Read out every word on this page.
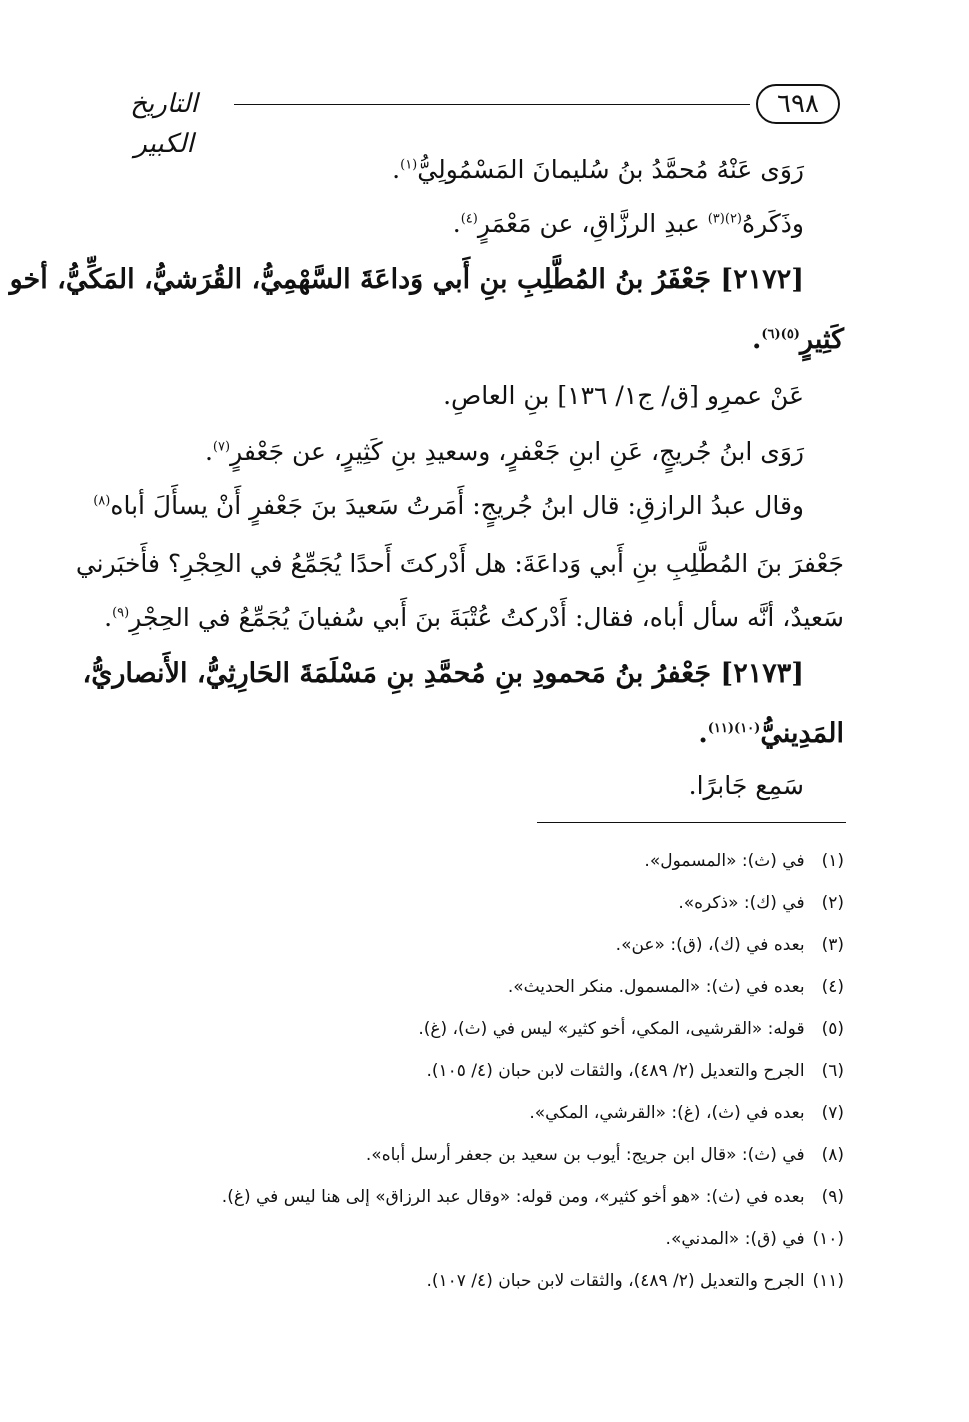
التاريخ الكبير
٦٩٨
رَوَى عَنْهُ مُحمَّدُ بنُ سُليمانَ المَسْمُولِيُّ$^{(١)}$.
وذَكَرهُ$^{(٢)(٣)}$ عبدِ الرزَّاقِ، عن مَعْمَرٍ$^{(٤)}$.
[٢١٧٢] جَعْفَرُ بنُ المُطَّلِبِ بنِ أَبي وَداعَةَ السَّهْمِيُّ، القُرَشيُّ، المَكِّيُّ، أخو
كَثِيرٍ$^{(٥)(٦)}$.
عَنْ عمرِو [ق/ ج١/ ١٣٦] بنِ العاصِ.
رَوَى ابنُ جُريجٍ، عَنِ ابنِ جَعْفرٍ، وسعيدِ بنِ كَثِيرٍ، عن جَعْفرٍ$^{(٧)}$.
وقال عبدُ الرازقِ: قال ابنُ جُريجٍ: أَمَرتُ سَعيدَ بنَ جَعْفرٍ أَنْ يسأَلَ أباه$^{(٨)}$
جَعْفرَ بنَ المُطَّلِبِ بنِ أَبي وَداعَةَ: هل أَدْركتَ أَحدًا يُجَمِّعُ في الحِجْرِ؟ فأَخبَرني
سَعيدٌ، أنَّه سأل أباه، فقال: أَدْركتُ عُتْبَةَ بنَ أَبي سُفيانَ يُجَمِّعُ في الحِجْرِ$^{(٩)}$.
[٢١٧٣] جَعْفرُ بنُ مَحمودِ بنِ مُحمَّدِ بنِ مَسْلَمَةَ الحَارِثِيُّ، الأَنصاريُّ،
المَدِينيُّ$^{(١٠)(١١)}$.
سَمِع جَابرًا.
(١) في (ث): «المسمول».
(٢) في (ك): «ذكره».
(٣) بعده في (ك)، (ق): «عن».
(٤) بعده في (ث): «المسمول. منكر الحديث».
(٥) قوله: «القرشيى، المكي، أخو كثير» ليس في (ث)، (غ).
(٦) الجرح والتعديل (٢/ ٤٨٩)، والثقات لابن حبان (٤/ ١٠٥).
(٧) بعده في (ث)، (غ): «القرشي، المكي».
(٨) في (ث): «قال ابن جريج: أيوب بن سعيد بن جعفر أرسل أباه».
(٩) بعده في (ث): «هو أخو كثير»، ومن قوله: «وقال عبد الرزاق» إلى هنا ليس في (غ).
(١٠) في (ق): «المدني».
(١١) الجرح والتعديل (٢/ ٤٨٩)، والثقات لابن حبان (٤/ ١٠٧).
